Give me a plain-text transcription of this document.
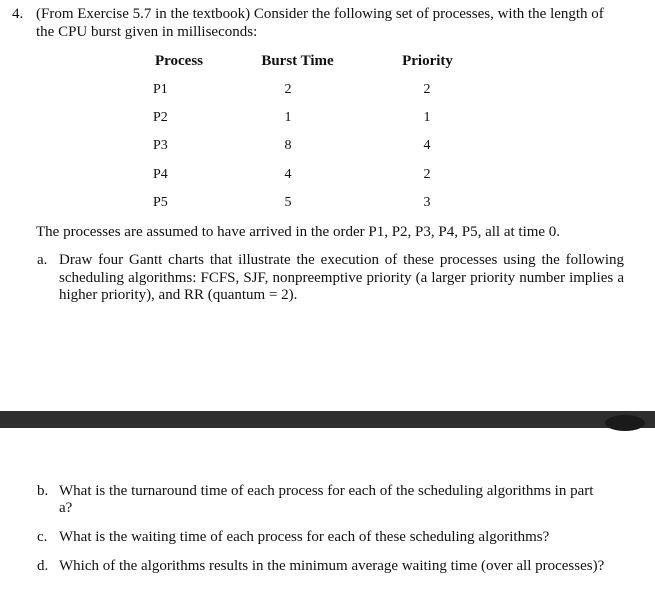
4. (From Exercise 5.7 in the textbook) Consider the following set of processes, with the length of
the CPU burst given in milliseconds:
Process	Burst Time	Priority
P1	2	2
P2	1	1
P3	8	4
P4	4	2
P5	5	3
The processes are assumed to have arrived in the order P1, P2, P3, P4, P5, all at time 0.
a. Draw four Gantt charts that illustrate the execution of these processes using the following scheduling algorithms: FCFS, SJF, nonpreemptive priority (a larger priority number implies a higher priority), and RR (quantum = 2).
b. What is the turnaround time of each process for each of the scheduling algorithms in part
a?
c. What is the waiting time of each process for each of these scheduling algorithms?
d. Which of the algorithms results in the minimum average waiting time (over all processes)?
